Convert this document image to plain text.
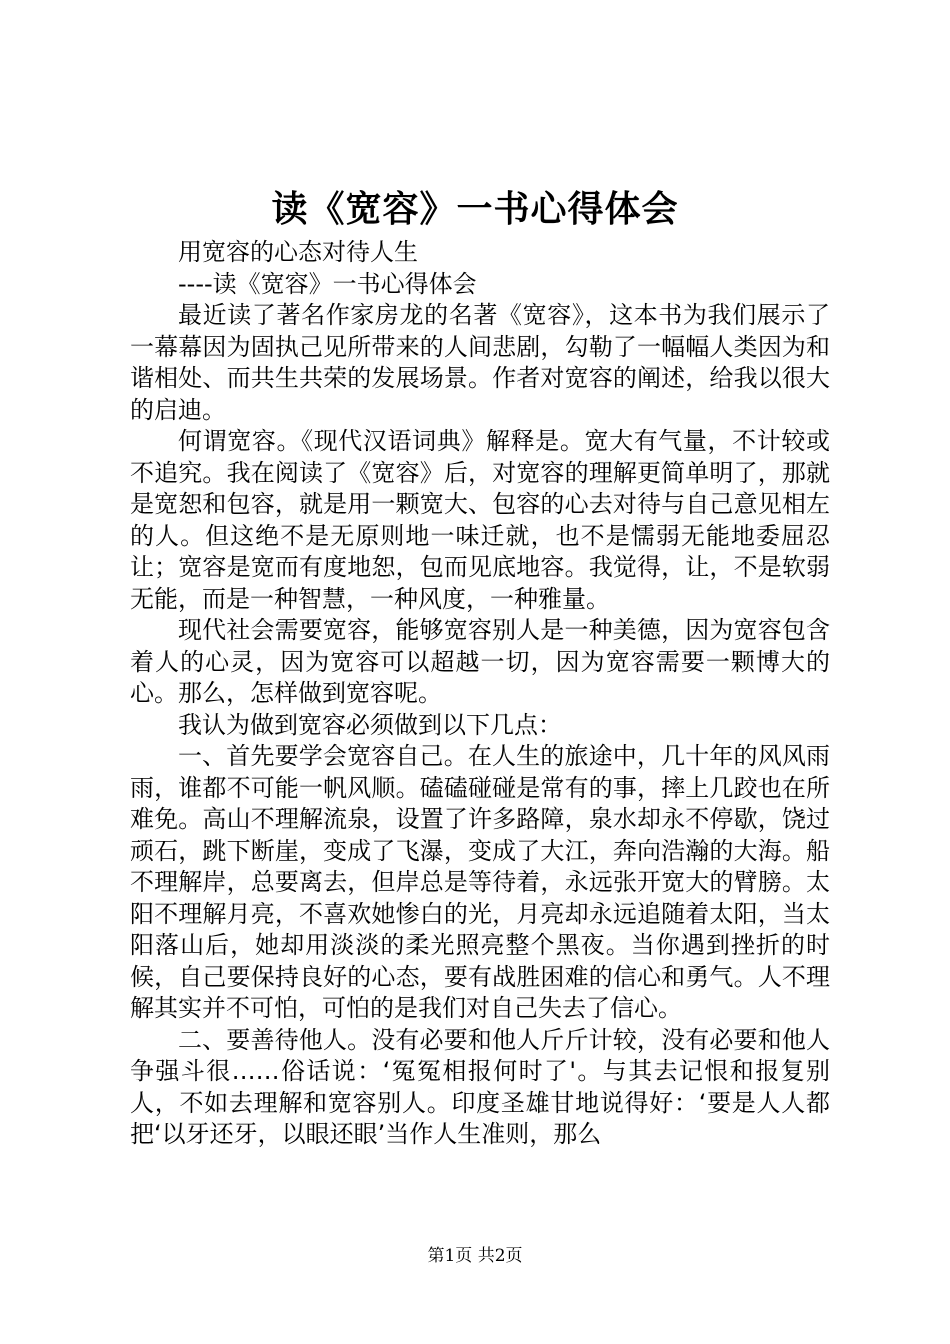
读《宽容》一书心得体会

用宽容的心态对待人生

----读《宽容》一书心得体会

最近读了著名作家房龙的名著《宽容》，这本书为我们展示了一幕幕因为固执己见所带来的人间悲剧，勾勒了一幅幅人类因为和谐相处、而共生共荣的发展场景。作者对宽容的阐述，给我以很大的启迪。

何谓宽容。《现代汉语词典》解释是。宽大有气量，不计较或不追究。我在阅读了《宽容》后，对宽容的理解更简单明了，那就是宽恕和包容，就是用一颗宽大、包容的心去对待与自己意见相左的人。但这绝不是无原则地一味迁就，也不是懦弱无能地委屈忍让；宽容是宽而有度地恕，包而见底地容。我觉得，让，不是软弱无能，而是一种智慧，一种风度，一种雅量。

现代社会需要宽容，能够宽容别人是一种美德，因为宽容包含着人的心灵，因为宽容可以超越一切，因为宽容需要一颗博大的心。那么，怎样做到宽容呢。

我认为做到宽容必须做到以下几点：

一、首先要学会宽容自己。在人生的旅途中，几十年的风风雨雨，谁都不可能一帆风顺。磕磕碰碰是常有的事，摔上几跤也在所难免。高山不理解流泉，设置了许多路障，泉水却永不停歇，饶过顽石，跳下断崖，变成了飞瀑，变成了大江，奔向浩瀚的大海。船不理解岸，总要离去，但岸总是等待着，永远张开宽大的臂膀。太阳不理解月亮，不喜欢她惨白的光，月亮却永远追随着太阳，当太阳落山后，她却用淡淡的柔光照亮整个黑夜。当你遇到挫折的时候，自己要保持良好的心态，要有战胜困难的信心和勇气。人不理解其实并不可怕，可怕的是我们对自己失去了信心。

二、要善待他人。没有必要和他人斤斤计较，没有必要和他人争强斗很……俗话说：‘冤冤相报何时了'。与其去记恨和报复别人，不如去理解和宽容别人。印度圣雄甘地说得好：‘要是人人都把‘以牙还牙，以眼还眼’当作人生准则，那么

第1页 共2页
